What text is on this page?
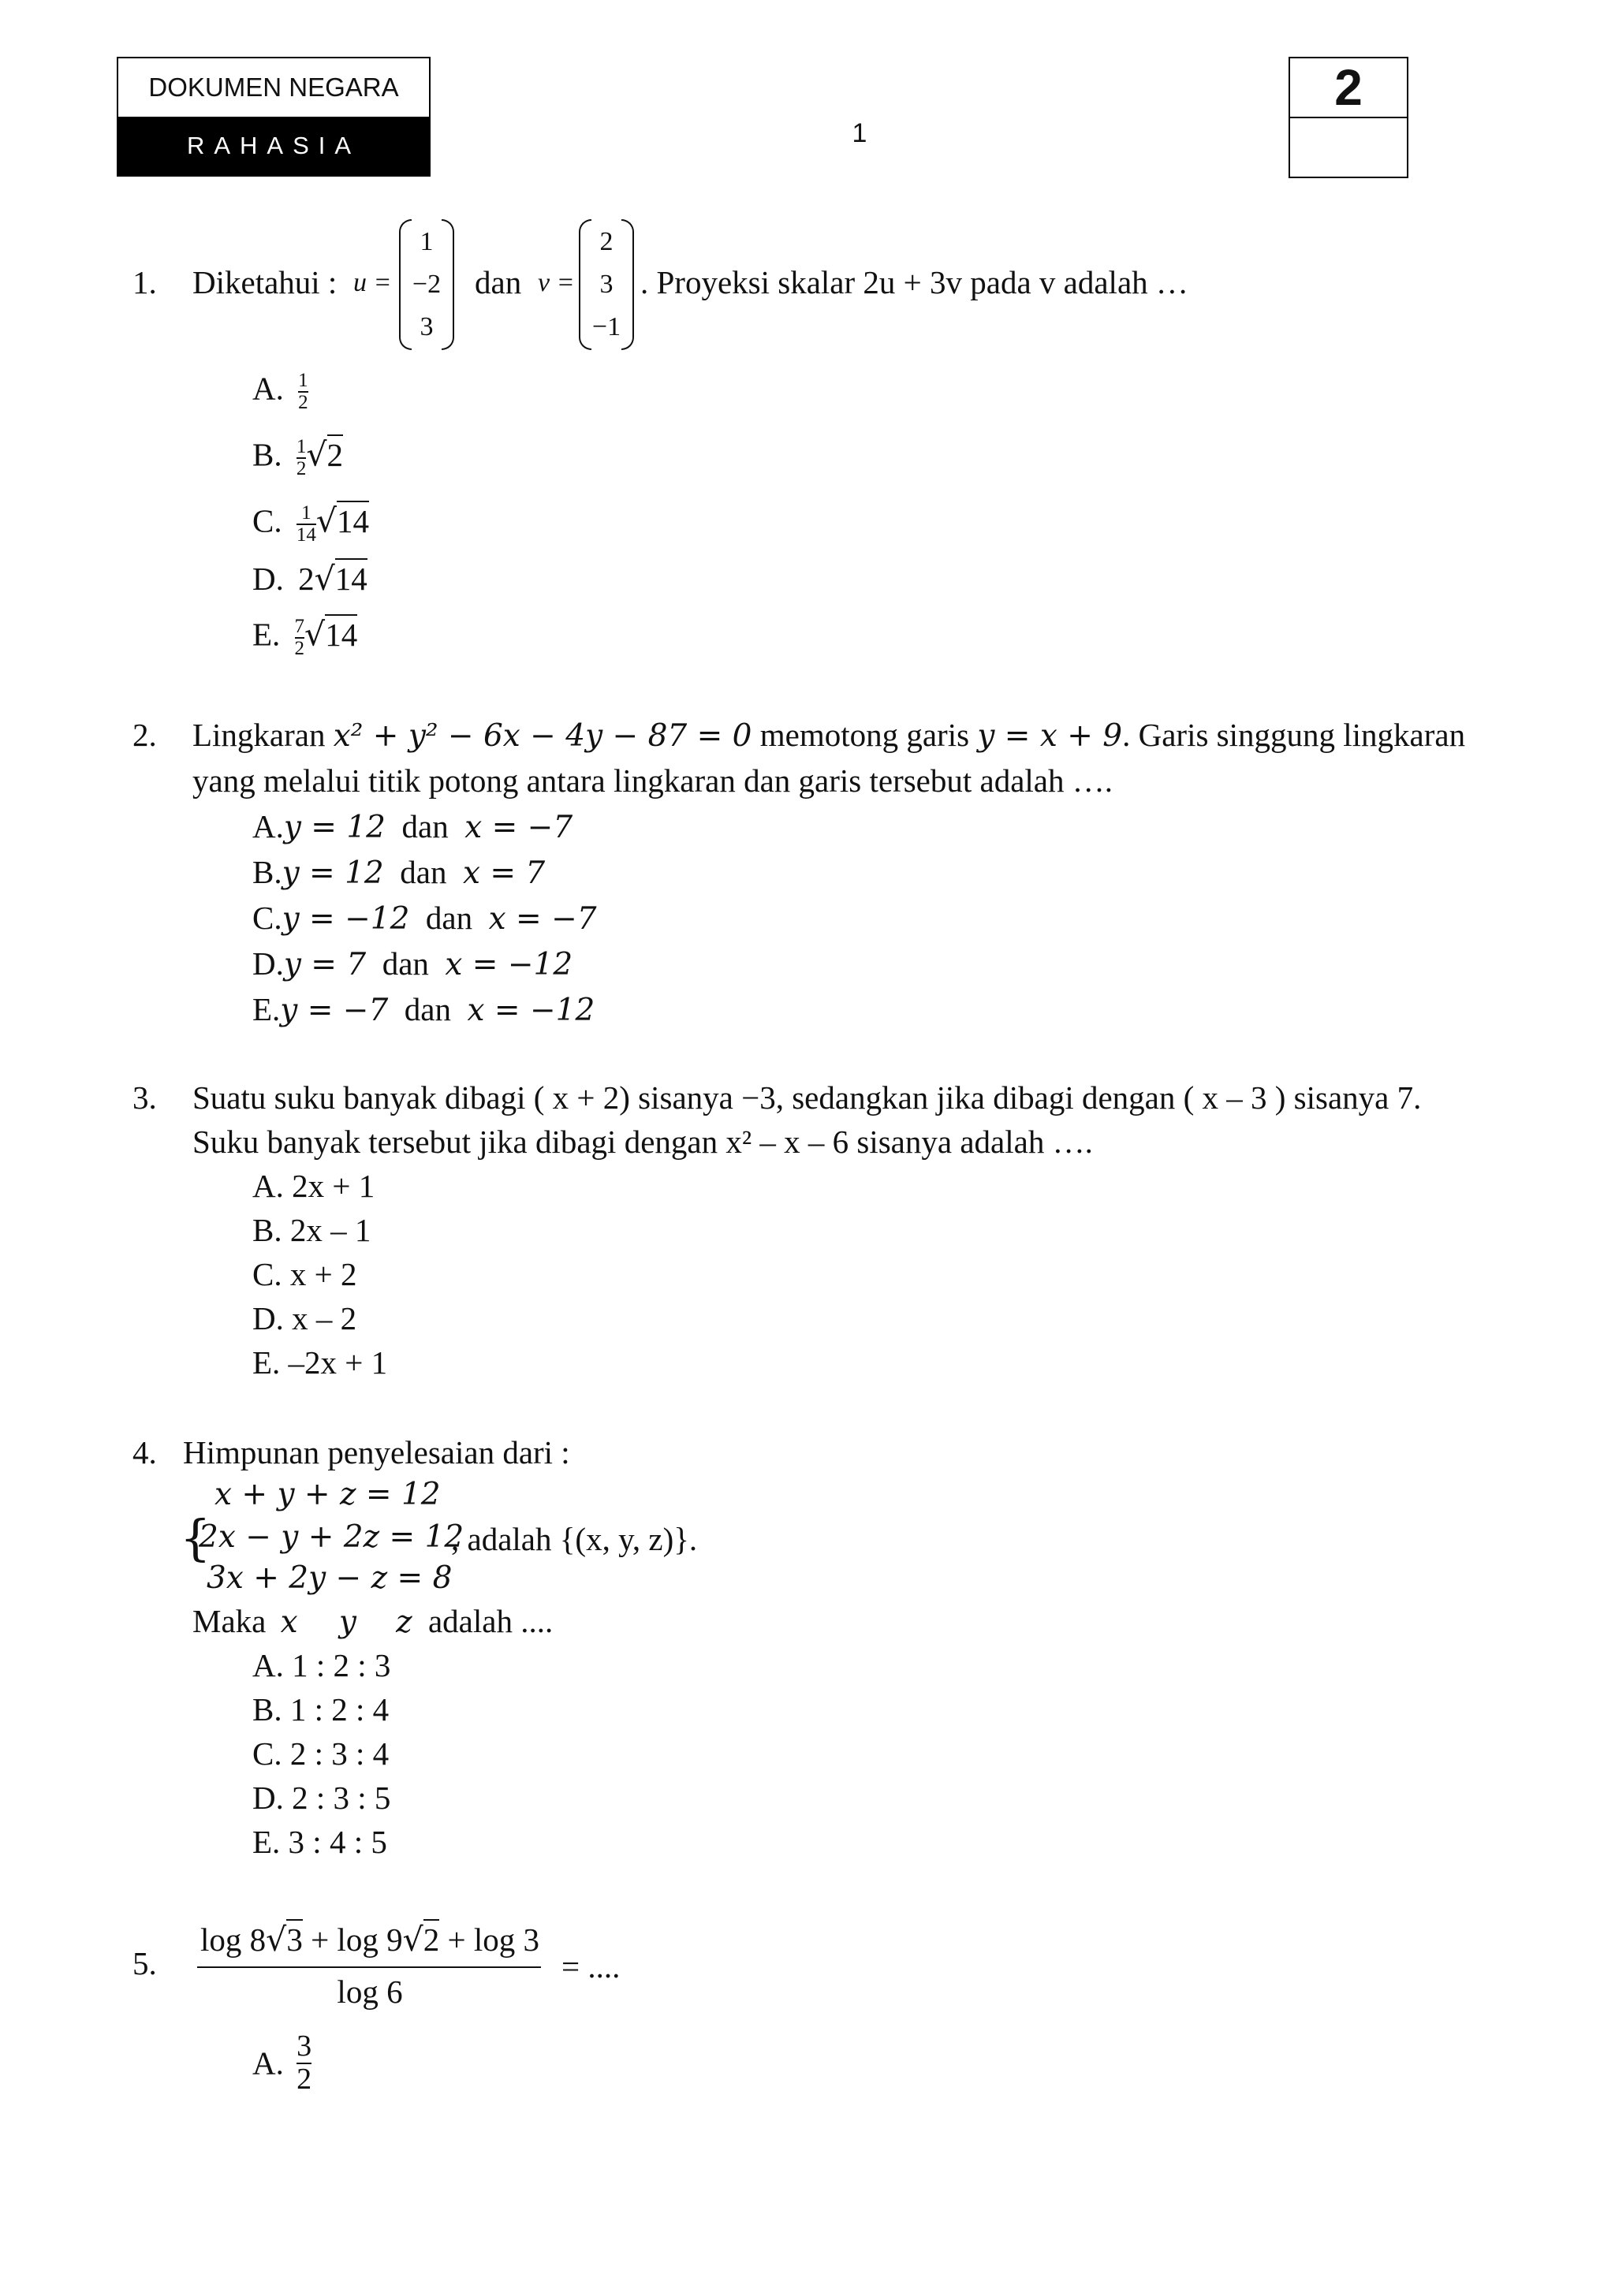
DOKUMEN NEGARA
RAHASIA	1
2
1. Diketahui : u =
1
−2
3
dan v =
2
3
−1
. Proyeksi skalar 2u + 3v pada v adalah …
A. $\frac{1}{2}$
B. $\frac{1}{2} √2$
C. $\frac{1}{14} √14$
D. 2√14
E. $\frac{7}{2} √14$
2. Lingkaran x² + y² − 6x − 4y − 87 = 0 memotong garis y = x + 9. Garis singgung lingkaran
yang melalui titik potong antara lingkaran dan garis tersebut adalah ….
A.y = 12 dan x = −7
B.y = 12 dan x = 7
C.y = −12 dan x = −7
D.y = 7 dan x = −12
E.y = −7 dan x = −12
3. Suatu suku banyak dibagi ( x + 2) sisanya −3, sedangkan jika dibagi dengan ( x – 3 ) sisanya 7.
Suku banyak tersebut jika dibagi dengan x² – x – 6 sisanya adalah ….
A. 2x + 1
B. 2x – 1
C. x + 2
D. x – 2
E. –2x + 1
4. Himpunan penyelesaian dari :
x + y + z = 12
{
2x − y + 2z = 12
, adalah {(x, y, z)}.
3x + 2y − z = 8
Maka x y z adalah ....
A. 1 : 2 : 3
B. 1 : 2 : 4
C. 2 : 3 : 4
D. 2 : 3 : 5
E. 3 : 4 : 5
5.
log 8√3 + log 9√2 + log 3
log 6
= ....
A. $\frac{3}{2}$
